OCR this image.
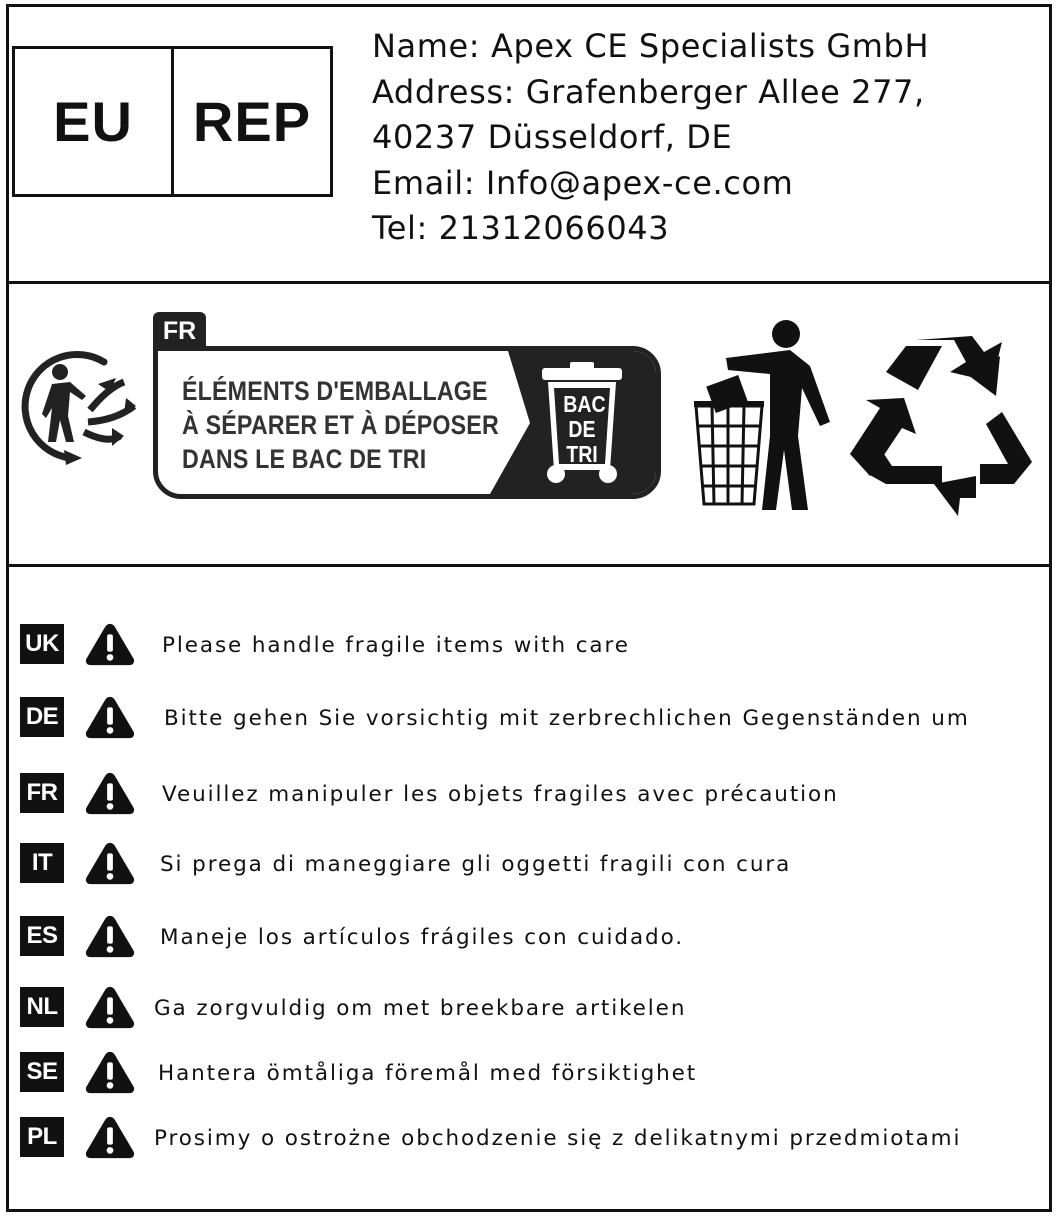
EU	REP
Name: Apex CE Specialists GmbH
Address: Grafenberger Allee 277,
40237 Düsseldorf, DE
Email: Info@apex-ce.com
Tel: 21312066043
FR
ÉLÉMENTS D'EMBALLAGE
À SÉPARER ET À DÉPOSER
DANS LE BAC DE TRI
BAC
DE
TRI
UK	Please handle fragile items with care
DE	Bitte gehen Sie vorsichtig mit zerbrechlichen Gegenständen um
FR	Veuillez manipuler les objets fragiles avec précaution
IT	Si prega di maneggiare gli oggetti fragili con cura
ES	Maneje los artículos frágiles con cuidado.
NL	Ga zorgvuldig om met breekbare artikelen
SE	Hantera ömtåliga föremål med försiktighet
PL	Prosimy o ostrożne obchodzenie się z delikatnymi przedmiotami
